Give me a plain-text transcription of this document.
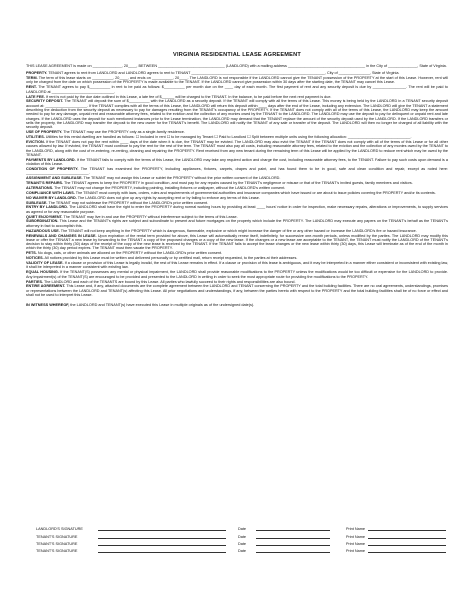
VIRGINIA RESIDENTIAL LEASE AGREEMENT
THIS LEASE AGREEMENT is made on ______________, 20____, BETWEEN ________________________________ (LANDLORD) with a mailing address _____________________________________ in the City of ______________, State of Virginia.
PROPERTY. TENANT agrees to rent from LANDLORD and LANDLORD agrees to rent to TENANT ________________________________________________________________, City of _______________, State of Virginia.
TERM. The term of this lease starts on __________, 20____, and ends on __________, 20____. The LANDLORD is not responsible if the LANDLORD cannot give the TENANT possession of the PROPERTY at the start of this Lease. However, rent will only be charged from the date on which possession of the PROPERTY is made available to the TENANT. If the LANDLORD cannot give possession within 30 days after the starting date, the TENANT may cancel this Lease.
RENT. The TENANT agrees to pay $__________ in rent to be paid as follows: $__________ per month due on the ____ day of each month. The first payment of rent and any security deposit is due by ________________. The rent will be paid to LANDLORD at ______________________________.
LATE FEE. If rent is not paid by the due date outlined in this Lease, a late fee of $______ will be charged to the TENANT. In the balance, to be paid before the next rent payment is due.
SECURITY DEPOSIT. The TENANT will deposit the sum of $__________ with the LANDLORD as a security deposit. If the TENANT will comply with all the terms of this Lease. This money is being held by the LANDLORD in a TENANT security deposit account at: ____________________. If the TENANT complies with all the terms of this Lease, the LANDLORD will return this deposit within ____ days after the end of the Lease, including any extension. The LANDLORD will give the TENANT a statement describing the deduction from the security deposit as necessary to pay for damages resulting from the TENANT's occupancy of the PROPERTY. If the TENANT does not comply with all of the terms of this Lease, the LANDLORD may keep the amount needed to pay for any damage, unpaid rent and reasonable attorney fees, related to the eviction and the collection of any monies owed by the TENANT to the LANDLORD. The LANDLORD may use the deposit to pay for delinquent or unpaid rent and late charges. If the LANDLORD uses the deposit for such mentioned instances prior to the Lease termination, the LANDLORD may demand that the TENANT replace the amount of the security deposit used by the LANDLORD. If the LANDLORD transfers or sells the property, the LANDLORD may transfer the deposit to the new owner for the TENANT's benefit. The LANDLORD will notify the TENANT of any sale or transfer of the deposit. The LANDLORD will then no longer be charged of all liability with the security deposit.
USE OF PROPERTY. The TENANT may use the PROPERTY only as a single-family residence.
UTILITIES. Utilities for this rental dwelling are handled as follows: ☐ Included in rent ☐ to be managed by Tenant ☐ Paid to Landlord ☐ Split between multiple units using the following allocation: ______________________________.
EVICTION. If the TENANT does not pay the rent within ____ days of the date when it is due, the TENANT may be evicted. The LANDLORD may also evict the TENANT if the TENANT does not comply with all of the terms of this Lease or for all other causes allowed by law. If evicted, the TENANT must continue to pay the rent for the rest of the term. The TENANT must also pay all costs, including reasonable attorney fees, related to the eviction and the collection of any monies owed by the TENANT to the LANDLORD, along with the cost of re-entering, re-renting, cleaning and repairing the PROPERTY. Rent received from any new tenant during the remaining term of this Lease will be applied by the LANDLORD to reduce rent which may be owed by the TENANT.
PAYMENTS BY LANDLORD. If the TENANT fails to comply with the terms of this Lease, the LANDLORD may take any required action and charge the cost, including reasonable attorney fees, to the TENANT. Failure to pay such costs upon demand is a violation of this Lease.
CONDITION OF PROPERTY. The TENANT has examined the PROPERTY, including appliances, fixtures, carpets, drapes and paint, and has found them to be in good, safe and clean condition and repair, except as noted here: ______________________________.
ASSIGNMENT AND SUBLEASE. The TENANT may not assign this Lease or sublet the PROPERTY without the prior written consent of the LANDLORD.
TENANT'S REPAIRS. The TENANT agrees to keep the PROPERTY in good condition, and must pay for any repairs caused by the TENANT's negligence or misuse or that of the TENANT's invited guests, family members and visitors.
ALTERATIONS. The TENANT may not change the PROPERTY, including painting, installing fixtures or wallpaper, without the LANDLORD's written consent.
COMPLIANCE WITH LAWS. The TENANT must comply with laws, orders, rules and requirements of governmental authorities and insurance companies which have issued or are about to issue policies covering the PROPERTY and/or its contents.
NO WAIVER BY LANDLORD. The LANDLORD does not give up any rights by accepting rent or by failing to enforce any terms of this Lease.
SUBLEASE. The TENANT may not sublease the PROPERTY without the LANDLORD's prior written consent.
ENTRY BY LANDLORD. The LANDLORD shall have the right to enter the PROPERTY during normal working hours by providing at least ____ hours' notice in order for inspection, make necessary repairs, alterations or improvements, to supply services as agreed or for any reasonable purpose.
QUIET ENJOYMENT. The TENANT may live in and use the PROPERTY without interference subject to the terms of this Lease.
SUBORDINATION. This Lease and the TENANT's rights are subject and subordinate to present and future mortgages on the property which include the PROPERTY. The LANDLORD may execute any papers on the TENANT's behalf as the TENANT's attorney in fact to accomplish this.
HAZARDOUS USE. The TENANT will not keep anything in the PROPERTY which is dangerous, flammable, explosive or which might increase the danger of fire or any other hazard or increase the LANDLORD's fire or hazard insurance.
RENEWALS AND CHANGES IN LEASE. Upon expiration of the rental term provided for above, this Lease will automatically renew itself, indefinitely, for successive one-month periods, unless modified by the parties. The LANDLORD may modify this lease or offer the TENANT a new lease by forwarding to the TENANT a copy of the proposed changes or a copy of the new lease. If the changes or a new lease are acceptable to the TENANT, the TENANT must notify the LANDLORD of the TENANT's decision to stay within thirty (30) days of the receipt of the copy of the new lease is received by the TENANT. If the TENANT fails to accept the lease changes or the new lease within thirty (30) days, this Lease will terminate as of the end of the month in which the thirty (30) day period expires. The TENANT must then vacate the PROPERTY.
PETS. No dogs, cats, or other animals are allowed on the PROPERTY without the LANDLORD's prior written consent.
NOTICES. All notices provided by this Lease must be written and delivered personally or by certified mail, return receipt requested, to the parties at their addresses.
VALIDITY OF LEASE. If a clause or provision of this Lease is legally invalid, the rest of this Lease remains in effect. If a clause or provision of this lease is ambiguous, and it may be interpreted in a manner either consistent or inconsistent with existing law, it shall be interpreted in a manner consistent with existing law.
EQUAL HOUSING. If the TENANT(S) possesses any mental or physical impairment, the LANDLORD shall provide reasonable modifications to the PROPERTY unless the modifications would be too difficult or expensive for the LANDLORD to provide. Any impairment(s) of the TENANT(S) are encouraged to be provided and presented to the LANDLORD in writing in order to seek the most appropriate route for providing the modifications to the PROPERTY.
PARTIES. The LANDLORD and each of the TENANTS are bound by this Lease. All parties who lawfully succeed to their rights and responsibilities are also bound.
ENTIRE AGREEMENT. This Lease and, if any, attached documents are the complete agreement between the LANDLORD and TENANT concerning the PROPERTY and the total building facilities. There are no oral agreements, understandings, promises or representations between the LANDLORD and TENANT(s) affecting this Lease. All prior negotiations and understandings, if any, between the parties hereto with respect to the PROPERTY and the total building facilities shall be of no force or effect and shall not be used to interpret this Lease.
IN WITNESS WHEREOF, the LANDLORD and TENANT(s) have executed this Lease in multiple originals as of the undersigned date(s).
LANDLORD'S SIGNATURE	Date	Print Name
TENANT'S SIGNATURE	Date	Print Name
TENANT'S SIGNATURE	Date	Print Name
TENANT'S SIGNATURE	Date	Print Name
